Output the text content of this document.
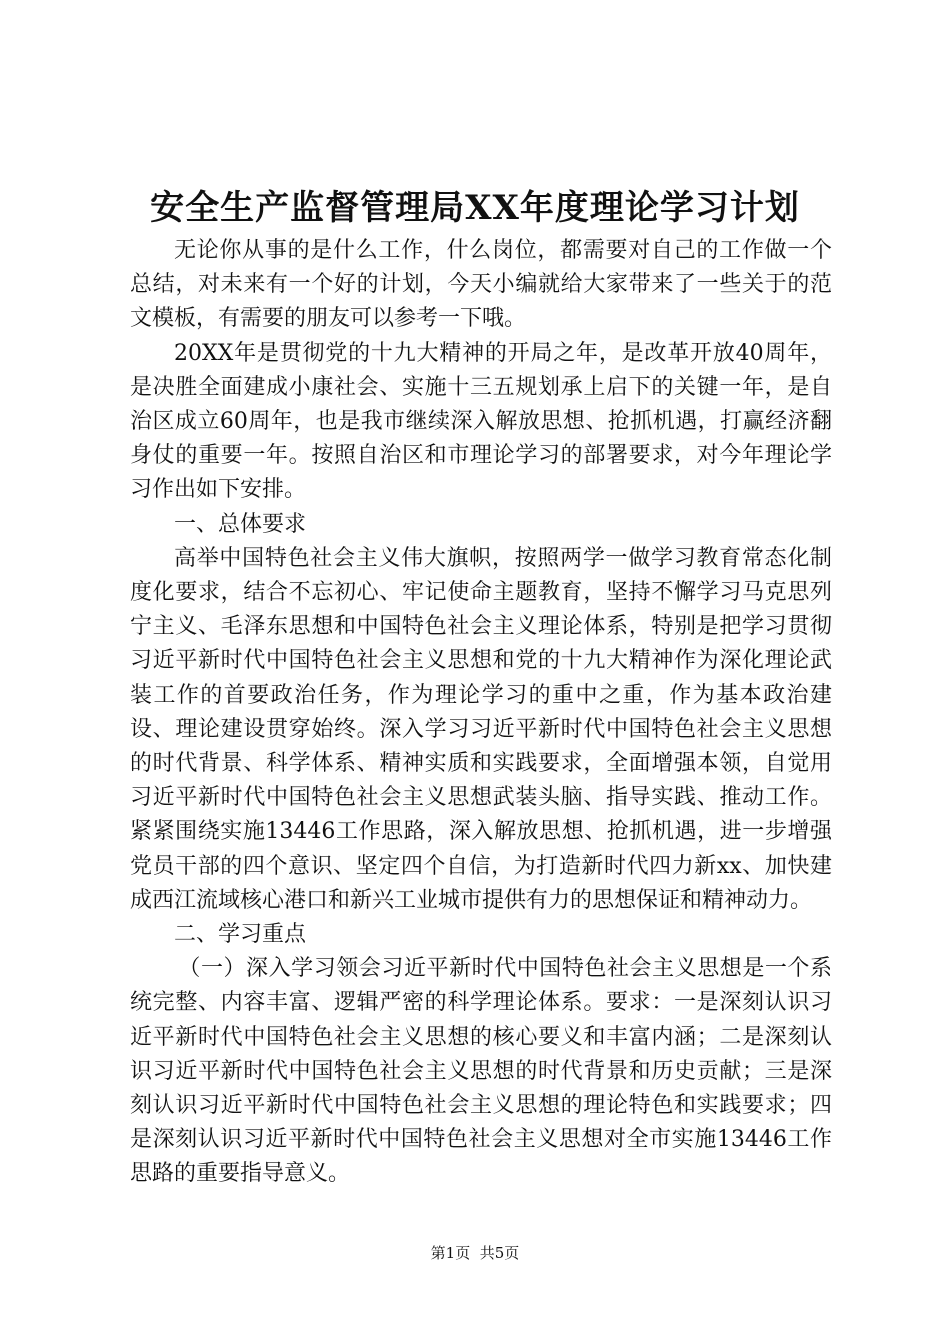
安全生产监督管理局XX年度理论学习计划

无论你从事的是什么工作，什么岗位，都需要对自己的工作做一个总结，对未来有一个好的计划，今天小编就给大家带来了一些关于的范文模板，有需要的朋友可以参考一下哦。

20XX年是贯彻党的十九大精神的开局之年，是改革开放40周年，是决胜全面建成小康社会、实施十三五规划承上启下的关键一年，是自治区成立60周年，也是我市继续深入解放思想、抢抓机遇，打赢经济翻身仗的重要一年。按照自治区和市理论学习的部署要求，对今年理论学习作出如下安排。

一、总体要求

高举中国特色社会主义伟大旗帜，按照两学一做学习教育常态化制度化要求，结合不忘初心、牢记使命主题教育，坚持不懈学习马克思列宁主义、毛泽东思想和中国特色社会主义理论体系，特别是把学习贯彻习近平新时代中国特色社会主义思想和党的十九大精神作为深化理论武装工作的首要政治任务，作为理论学习的重中之重，作为基本政治建设、理论建设贯穿始终。深入学习习近平新时代中国特色社会主义思想的时代背景、科学体系、精神实质和实践要求，全面增强本领，自觉用习近平新时代中国特色社会主义思想武装头脑、指导实践、推动工作。紧紧围绕实施13446工作思路，深入解放思想、抢抓机遇，进一步增强党员干部的四个意识、坚定四个自信，为打造新时代四力新xx、加快建成西江流域核心港口和新兴工业城市提供有力的思想保证和精神动力。

二、学习重点

（一）深入学习领会习近平新时代中国特色社会主义思想是一个系统完整、内容丰富、逻辑严密的科学理论体系。要求：一是深刻认识习近平新时代中国特色社会主义思想的核心要义和丰富内涵；二是深刻认识习近平新时代中国特色社会主义思想的时代背景和历史贡献；三是深刻认识习近平新时代中国特色社会主义思想的理论特色和实践要求；四是深刻认识习近平新时代中国特色社会主义思想对全市实施13446工作思路的重要指导意义。

第1页 共5页
